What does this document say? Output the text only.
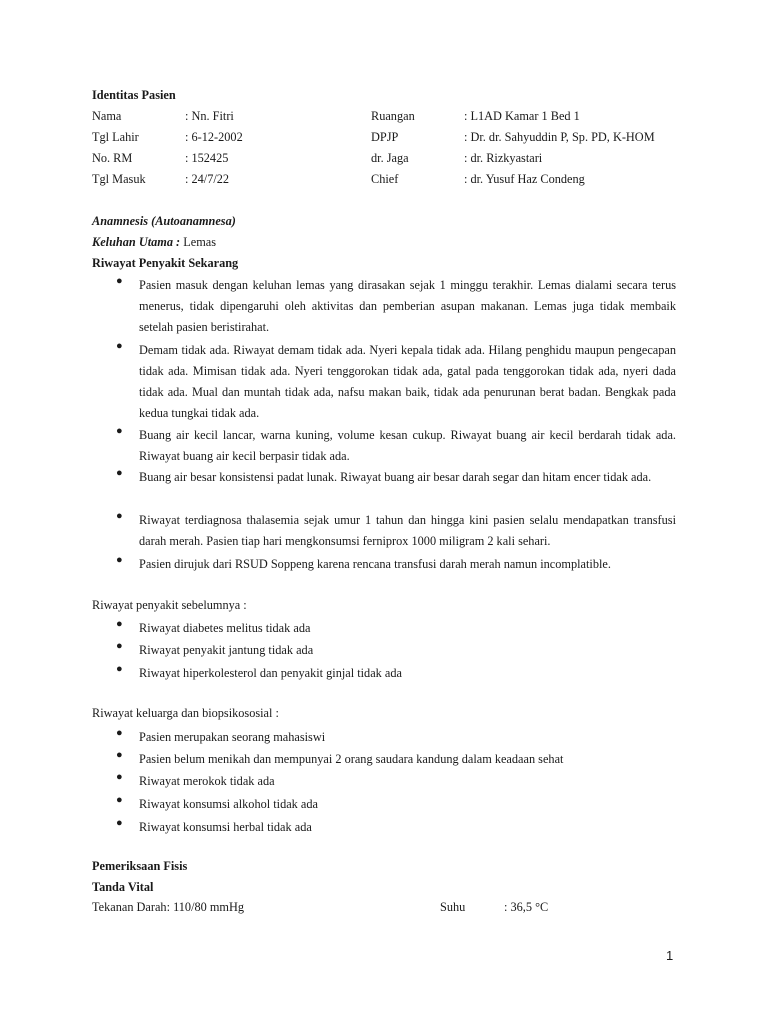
Identitas Pasien
Nama	: Nn. Fitri	Ruangan	: L1AD Kamar 1 Bed 1
Tgl Lahir	: 6-12-2002	DPJP	: Dr. dr. Sahyuddin P, Sp. PD, K-HOM
No. RM	: 152425	dr. Jaga	: dr. Rizkyastari
Tgl Masuk	: 24/7/22	Chief	: dr. Yusuf Haz Condeng
Anamnesis (Autoanamnesa)
Keluhan Utama : Lemas
Riwayat Penyakit Sekarang
● Pasien masuk dengan keluhan lemas yang dirasakan sejak 1 minggu terakhir. Lemas dialami secara terus menerus, tidak dipengaruhi oleh aktivitas dan pemberian asupan makanan. Lemas juga tidak membaik setelah pasien beristirahat.
● Demam tidak ada. Riwayat demam tidak ada. Nyeri kepala tidak ada. Hilang penghidu maupun pengecapan tidak ada. Mimisan tidak ada. Nyeri tenggorokan tidak ada, gatal pada tenggorokan tidak ada, nyeri dada tidak ada. Mual dan muntah tidak ada, nafsu makan baik, tidak ada penurunan berat badan. Bengkak pada kedua tungkai tidak ada.
● Buang air kecil lancar, warna kuning, volume kesan cukup. Riwayat buang air kecil berdarah tidak ada. Riwayat buang air kecil berpasir tidak ada.
● Buang air besar konsistensi padat lunak. Riwayat buang air besar darah segar dan hitam encer tidak ada.
● Riwayat terdiagnosa thalasemia sejak umur 1 tahun dan hingga kini pasien selalu mendapatkan transfusi darah merah. Pasien tiap hari mengkonsumsi ferniprox 1000 miligram 2 kali sehari.
● Pasien dirujuk dari RSUD Soppeng karena rencana transfusi darah merah namun incomplatible.
Riwayat penyakit sebelumnya :
● Riwayat diabetes melitus tidak ada
● Riwayat penyakit jantung tidak ada
● Riwayat hiperkolesterol dan penyakit ginjal tidak ada
Riwayat keluarga dan biopsikososial :
● Pasien merupakan seorang mahasiswi
● Pasien belum menikah dan mempunyai 2 orang saudara kandung dalam keadaan sehat
● Riwayat merokok tidak ada
● Riwayat konsumsi alkohol tidak ada
● Riwayat konsumsi herbal tidak ada
Pemeriksaan Fisis
Tanda Vital
Tekanan Darah: 110/80 mmHg	Suhu	: 36,5 °C
1
